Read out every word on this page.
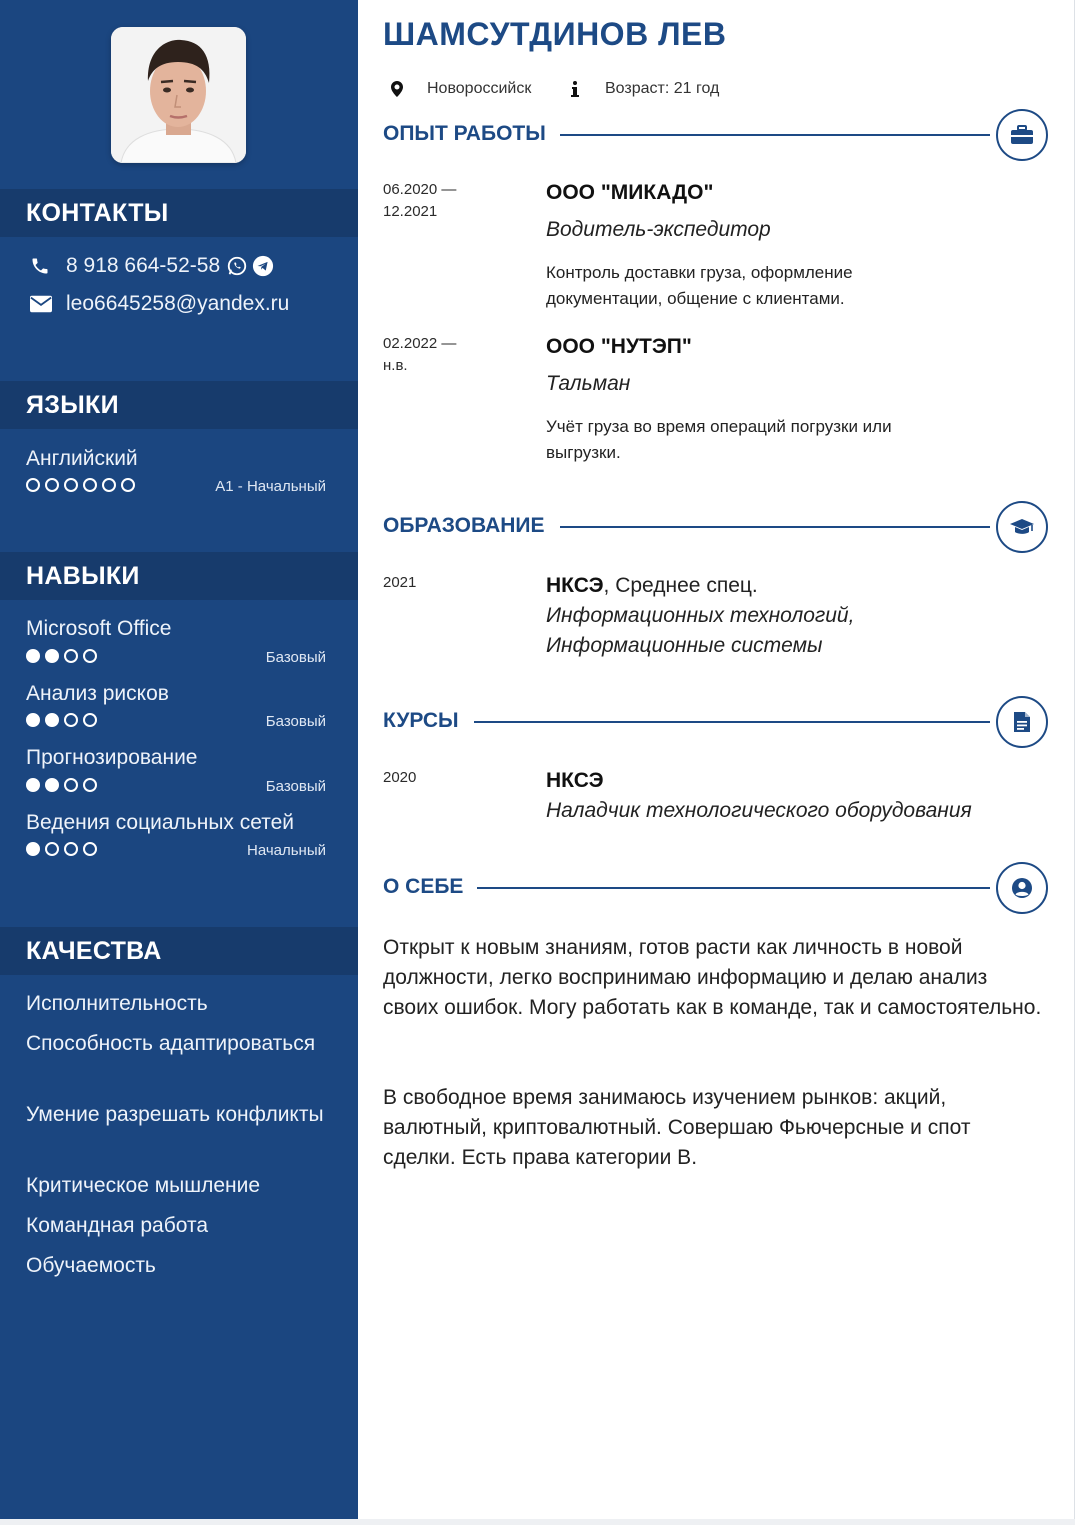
КОНТАКТЫ
8 918 664-52-58
leo6645258@yandex.ru
ЯЗЫКИ
Английский
A1 - Начальный
НАВЫКИ
Microsoft Office
Базовый
Анализ рисков
Базовый
Прогнозирование
Базовый
Ведения социальных сетей
Начальный
КАЧЕСТВА
Исполнительность
Способность адаптироваться
Умение разрешать конфликты
Критическое мышление
Командная работа
Обучаемость
ШАМСУТДИНОВ ЛЕВ
Новороссийск	Возраст: 21 год
ОПЫТ РАБОТЫ
06.2020 — 12.2021
ООО "МИКАДО"
Водитель-экспедитор
Контроль доставки груза, оформление документации, общение с клиентами.
02.2022 — н.в.
ООО "НУТЭП"
Тальман
Учёт груза во время операций погрузки или выгрузки.
ОБРАЗОВАНИЕ
2021	НКСЭ, Среднее спец.
Информационных технологий,
Информационные системы
КУРСЫ
2020	НКСЭ
Наладчик технологического оборудования
О СЕБЕ
Открыт к новым знаниям, готов расти как личность в новой должности, легко воспринимаю информацию и делаю анализ своих ошибок. Могу работать как в команде, так и самостоятельно.
В свободное время занимаюсь изучением рынков: акций, валютный, криптовалютный. Совершаю Фьючерсные и спот сделки. Есть права категории B.
